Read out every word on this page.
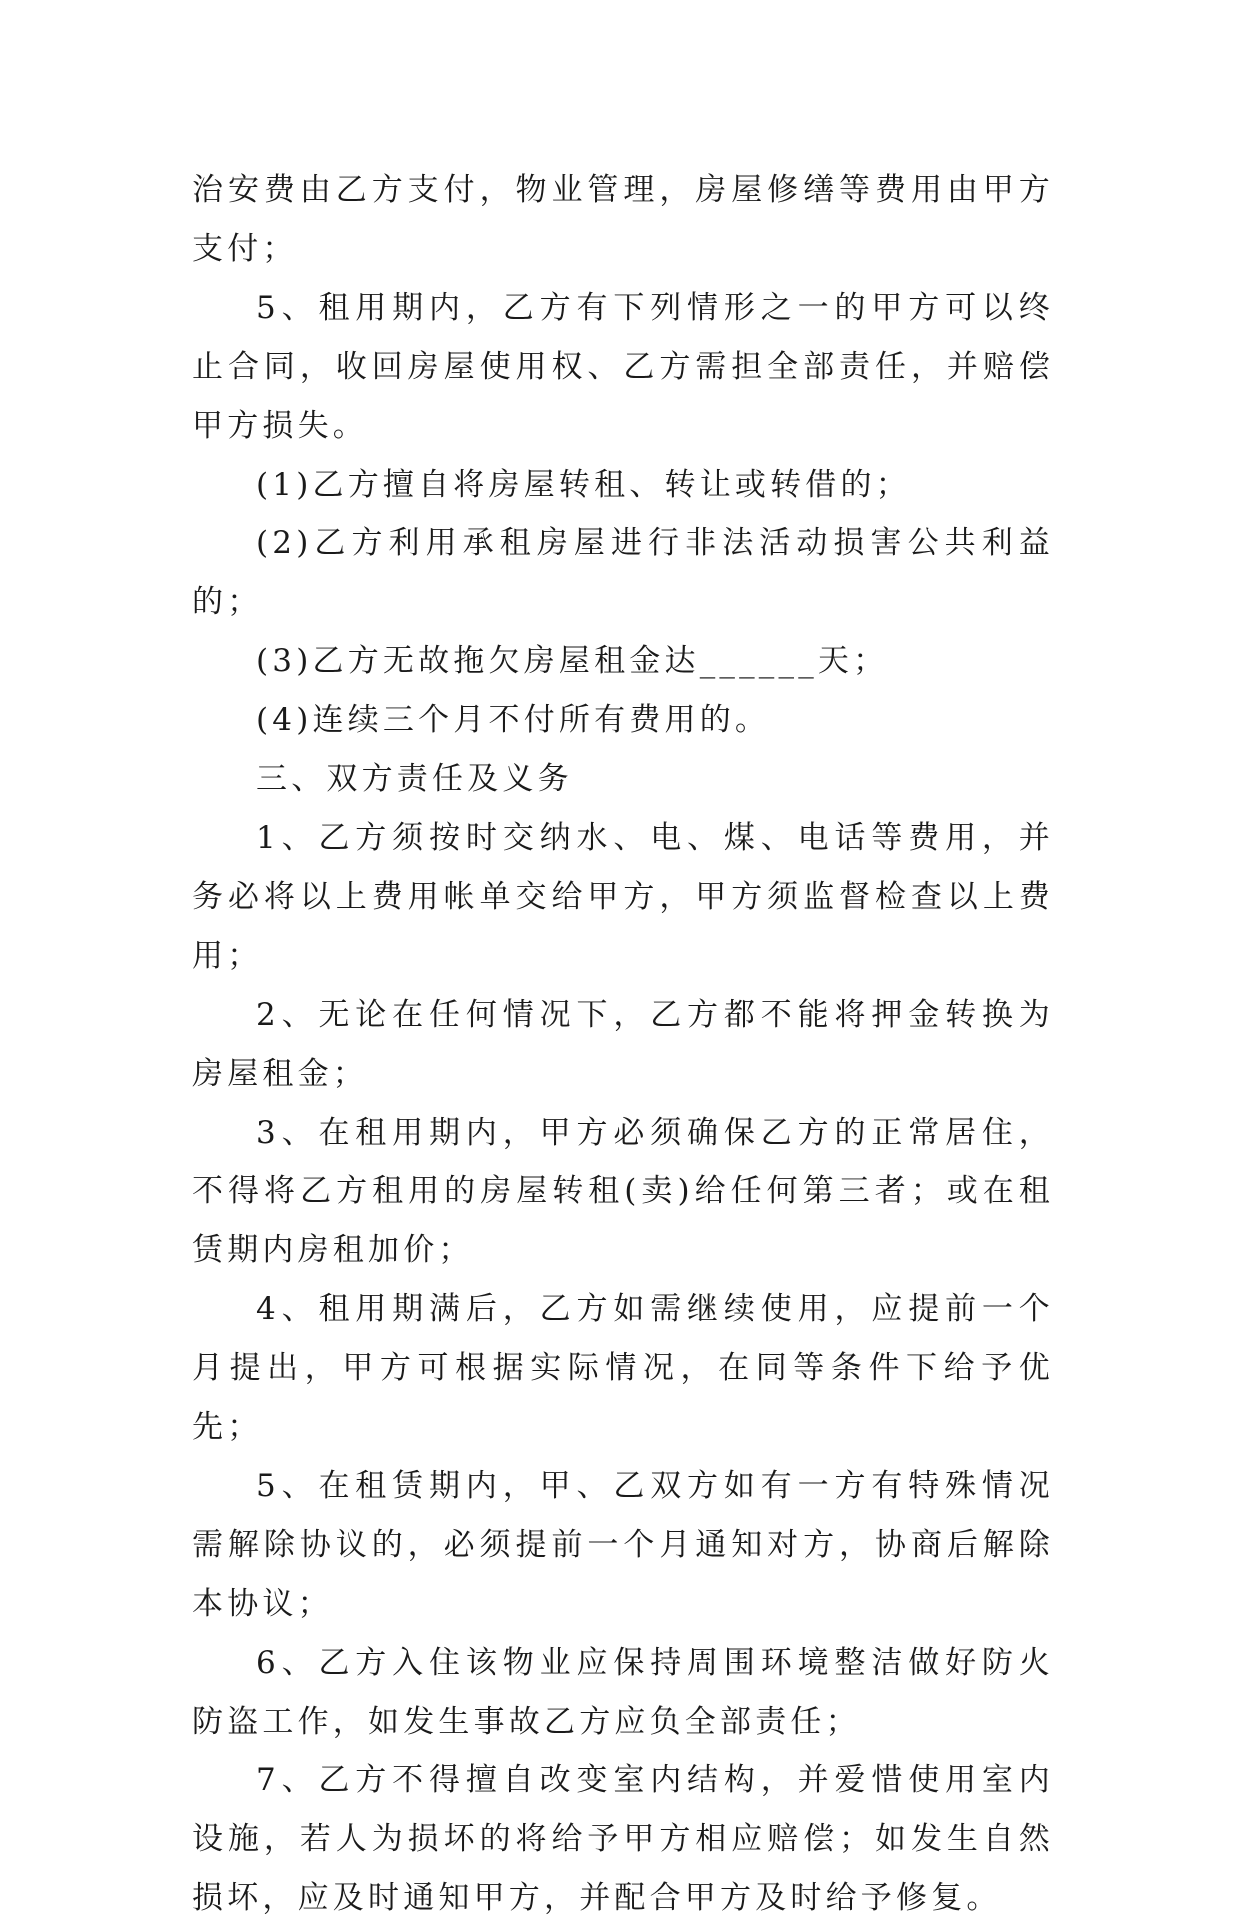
治安费由乙方支付，物业管理，房屋修缮等费用由甲方支付；

5、租用期内，乙方有下列情形之一的甲方可以终止合同，收回房屋使用权、乙方需担全部责任，并赔偿甲方损失。

(1)乙方擅自将房屋转租、转让或转借的；

(2)乙方利用承租房屋进行非法活动损害公共利益的；

(3)乙方无故拖欠房屋租金达______天；

(4)连续三个月不付所有费用的。

三、双方责任及义务

1、乙方须按时交纳水、电、煤、电话等费用，并务必将以上费用帐单交给甲方，甲方须监督检查以上费用；

2、无论在任何情况下，乙方都不能将押金转换为房屋租金；

3、在租用期内，甲方必须确保乙方的正常居住，不得将乙方租用的房屋转租(卖)给任何第三者；或在租赁期内房租加价；

4、租用期满后，乙方如需继续使用，应提前一个月提出，甲方可根据实际情况，在同等条件下给予优先；

5、在租赁期内，甲、乙双方如有一方有特殊情况需解除协议的，必须提前一个月通知对方，协商后解除本协议；

6、乙方入住该物业应保持周围环境整洁做好防火防盗工作，如发生事故乙方应负全部责任；

7、乙方不得擅自改变室内结构，并爱惜使用室内设施，若人为损坏的将给予甲方相应赔偿；如发生自然损坏，应及时通知甲方，并配合甲方及时给予修复。
